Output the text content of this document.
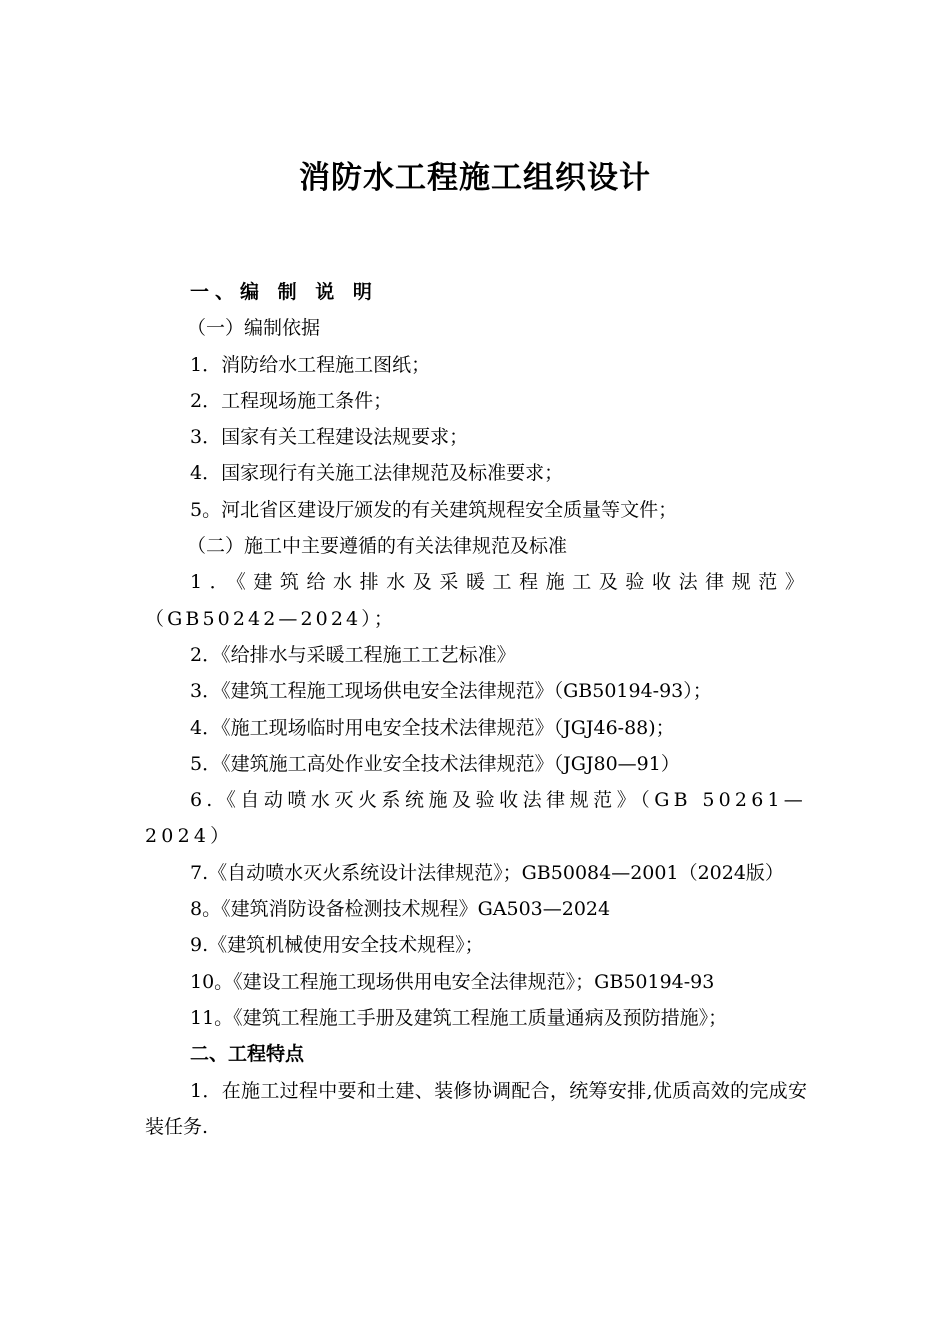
消防水工程施工组织设计

一、编 制 说 明

（一）编制依据

1．消防给水工程施工图纸；

2．工程现场施工条件；

3．国家有关工程建设法规要求；

4．国家现行有关施工法律规范及标准要求；

5。河北省区建设厅颁发的有关建筑规程安全质量等文件；

（二）施工中主要遵循的有关法律规范及标准

1．《建筑给水排水及采暖工程施工及验收法律规范》（GB50242—2024）；

2．《给排水与采暖工程施工工艺标准》

3．《建筑工程施工现场供电安全法律规范》（GB50194-93）；

4．《施工现场临时用电安全技术法律规范》（JGJ46-88)；

5．《建筑施工高处作业安全技术法律规范》（JGJ80—91）

6.《自动喷水灭火系统施及验收法律规范》（GB 50261—2024）

7.《自动喷水灭火系统设计法律规范》；GB50084—2001（2024版）

8。《建筑消防设备检测技术规程》GA503—2024

9.《建筑机械使用安全技术规程》；

10。《建设工程施工现场供用电安全法律规范》；GB50194-93

11。《建筑工程施工手册及建筑工程施工质量通病及预防措施》；

二、工程特点

1．在施工过程中要和土建、装修协调配合，统筹安排,优质高效的完成安装任务.
